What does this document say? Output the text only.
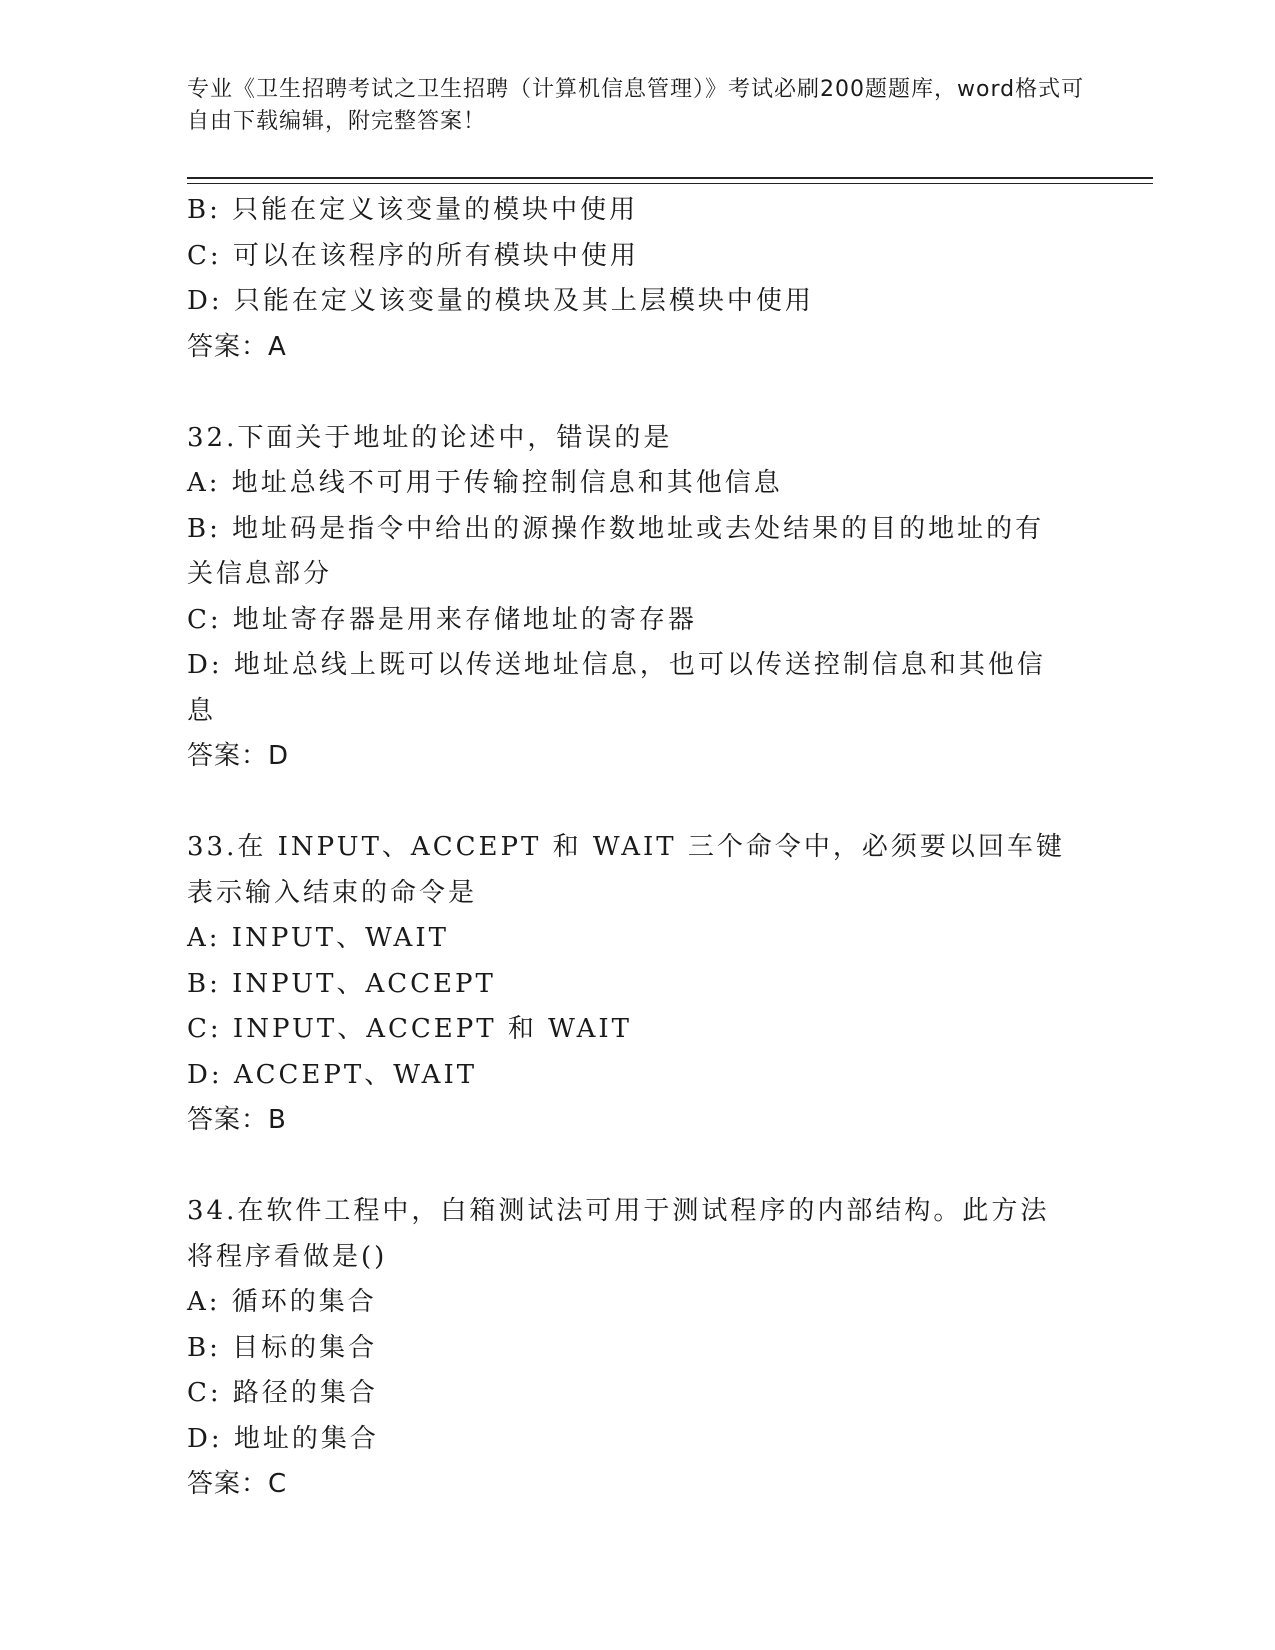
专业《卫生招聘考试之卫生招聘（计算机信息管理）》考试必刷200题题库，word格式可自由下载编辑，附完整答案！
B: 只能在定义该变量的模块中使用
C: 可以在该程序的所有模块中使用
D: 只能在定义该变量的模块及其上层模块中使用
答案：A
32.下面关于地址的论述中，错误的是
A: 地址总线不可用于传输控制信息和其他信息
B: 地址码是指令中给出的源操作数地址或去处结果的目的地址的有关信息部分
C: 地址寄存器是用来存储地址的寄存器
D: 地址总线上既可以传送地址信息，也可以传送控制信息和其他信息
答案：D
33.在 INPUT、ACCEPT 和 WAIT 三个命令中，必须要以回车键表示输入结束的命令是
A: INPUT、WAIT
B: INPUT、ACCEPT
C: INPUT、ACCEPT 和 WAIT
D: ACCEPT、WAIT
答案：B
34.在软件工程中，白箱测试法可用于测试程序的内部结构。此方法将程序看做是()
A: 循环的集合
B: 目标的集合
C: 路径的集合
D: 地址的集合
答案：C
